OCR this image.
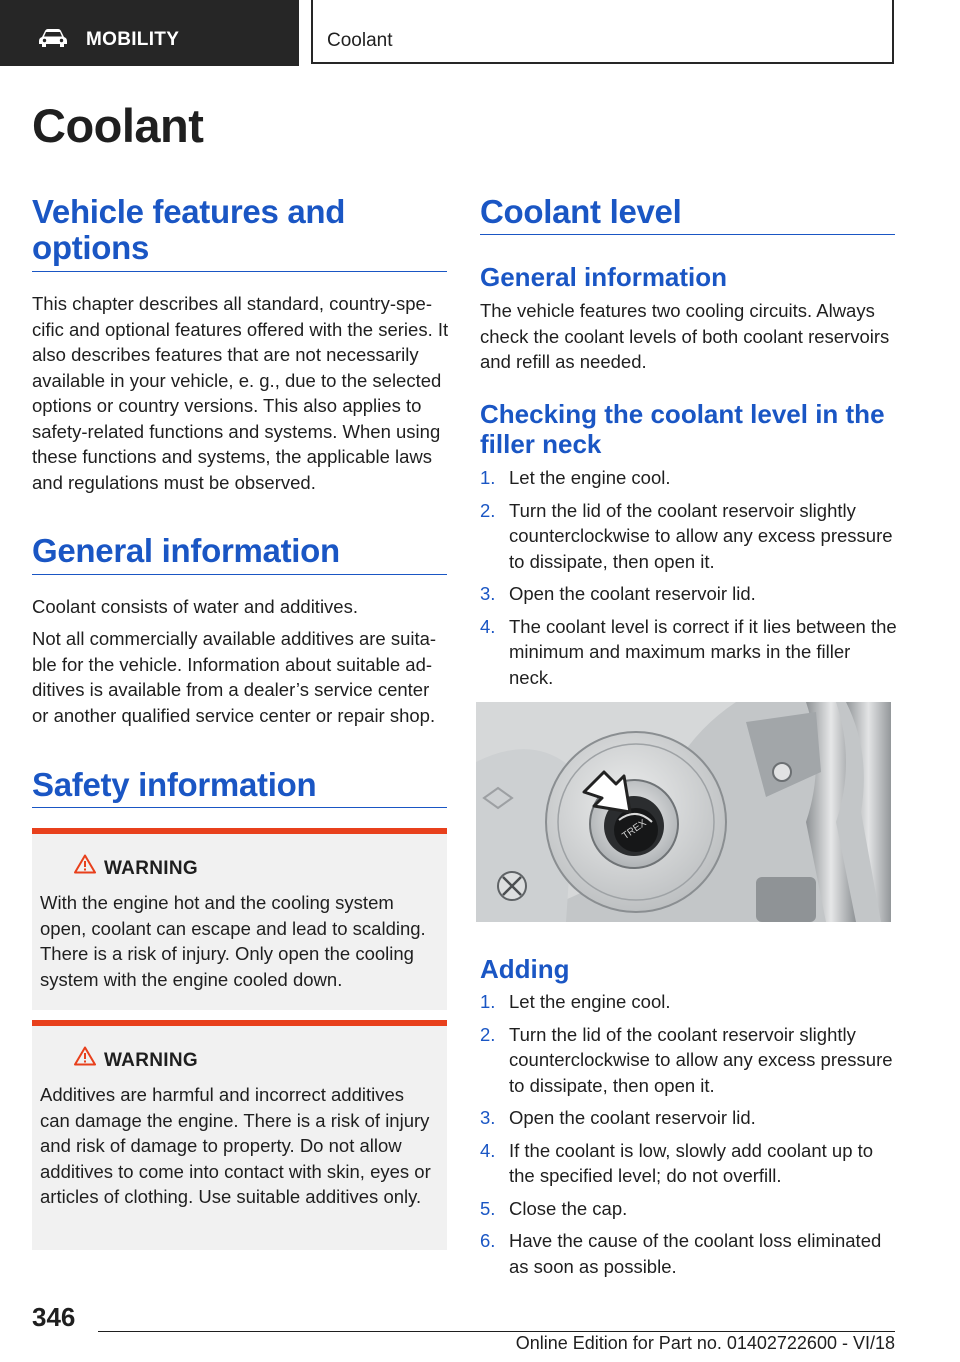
MOBILITY	Coolant
Coolant
Vehicle features and options

This chapter describes all standard, country-specific and optional features offered with the series. It also describes features that are not necessarily available in your vehicle, e. g., due to the selected options or country versions. This also applies to safety-related functions and systems. When using these functions and systems, the applicable laws and regulations must be observed.

General information

Coolant consists of water and additives.

Not all commercially available additives are suitable for the vehicle. Information about suitable additives is available from a dealer’s service center or another qualified service center or repair shop.

Safety information
WARNING

With the engine hot and the cooling system open, coolant can escape and lead to scalding. There is a risk of injury. Only open the cooling system with the engine cooled down.

WARNING

Additives are harmful and incorrect additives can damage the engine. There is a risk of injury and risk of damage to property. Do not allow additives to come into contact with skin, eyes or articles of clothing. Use suitable additives only.

Coolant level
General information

The vehicle features two cooling circuits. Always check the coolant levels of both coolant reservoirs and refill as needed.

Checking the coolant level in the filler neck
1. Let the engine cool.
2. Turn the lid of the coolant reservoir slightly counterclockwise to allow any excess pressure to dissipate, then open it.
3. Open the coolant reservoir lid.
4. The coolant level is correct if it lies between the minimum and maximum marks in the filler neck.
TREX
Adding
1. Let the engine cool.
2. Turn the lid of the coolant reservoir slightly counterclockwise to allow any excess pressure to dissipate, then open it.
3. Open the coolant reservoir lid.
4. If the coolant is low, slowly add coolant up to the specified level; do not overfill.
5. Close the cap.
6. Have the cause of the coolant loss eliminated as soon as possible.
346
Online Edition for Part no. 01402722600 - VI/18
